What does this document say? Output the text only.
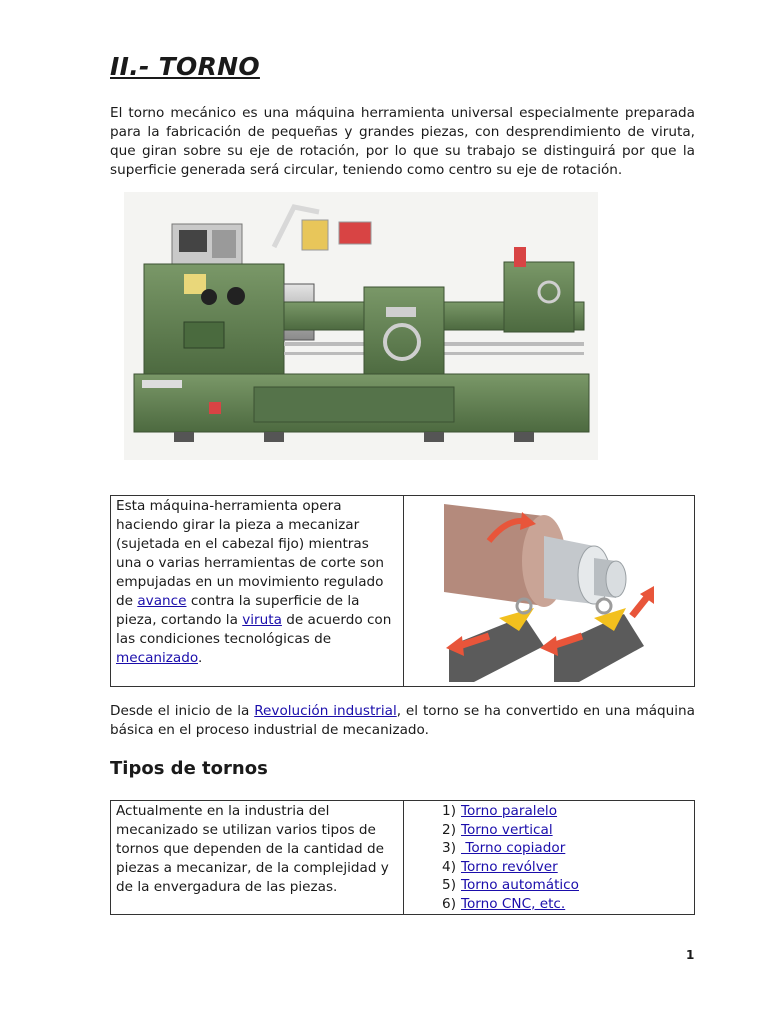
II.- TORNO

El torno mecánico es una máquina herramienta universal especialmente preparada para la fabricación de pequeñas y grandes piezas, con desprendimiento de viruta, que giran sobre su eje de rotación, por lo que su trabajo se distinguirá por que la superficie generada será circular, teniendo como centro su eje de rotación.

Esta máquina-herramienta opera haciendo girar la pieza a mecanizar (sujetada en el cabezal fijo) mientras una o varias herramientas de corte son empujadas en un movimiento regulado de avance contra la superficie de la pieza, cortando la viruta de acuerdo con las condiciones tecnológicas de mecanizado.

Desde el inicio de la Revolución industrial, el torno se ha convertido en una máquina básica en el proceso industrial de mecanizado.

Tipos de tornos
Actualmente en la industria del mecanizado se utilizan varios tipos de tornos que dependen de la cantidad de piezas a mecanizar, de la complejidad y de la envergadura de las piezas.

1) Torno paralelo
2) Torno vertical
3) Torno copiador
4) Torno revólver
5) Torno automático
6) Torno CNC, etc.
1
